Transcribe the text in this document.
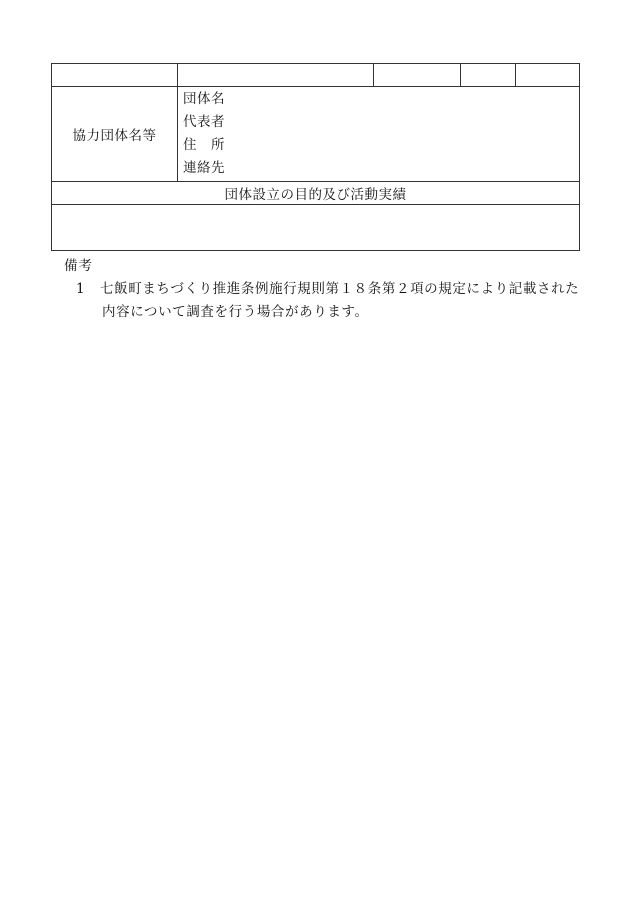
協力団体名等	団体名
代表者
住　所
連絡先			

団体設立の目的及び活動実績				

備考
1	七飯町まちづくり推進条例施行規則第１８条第２項の規定により記載された内容について調査を行う場合があります。
